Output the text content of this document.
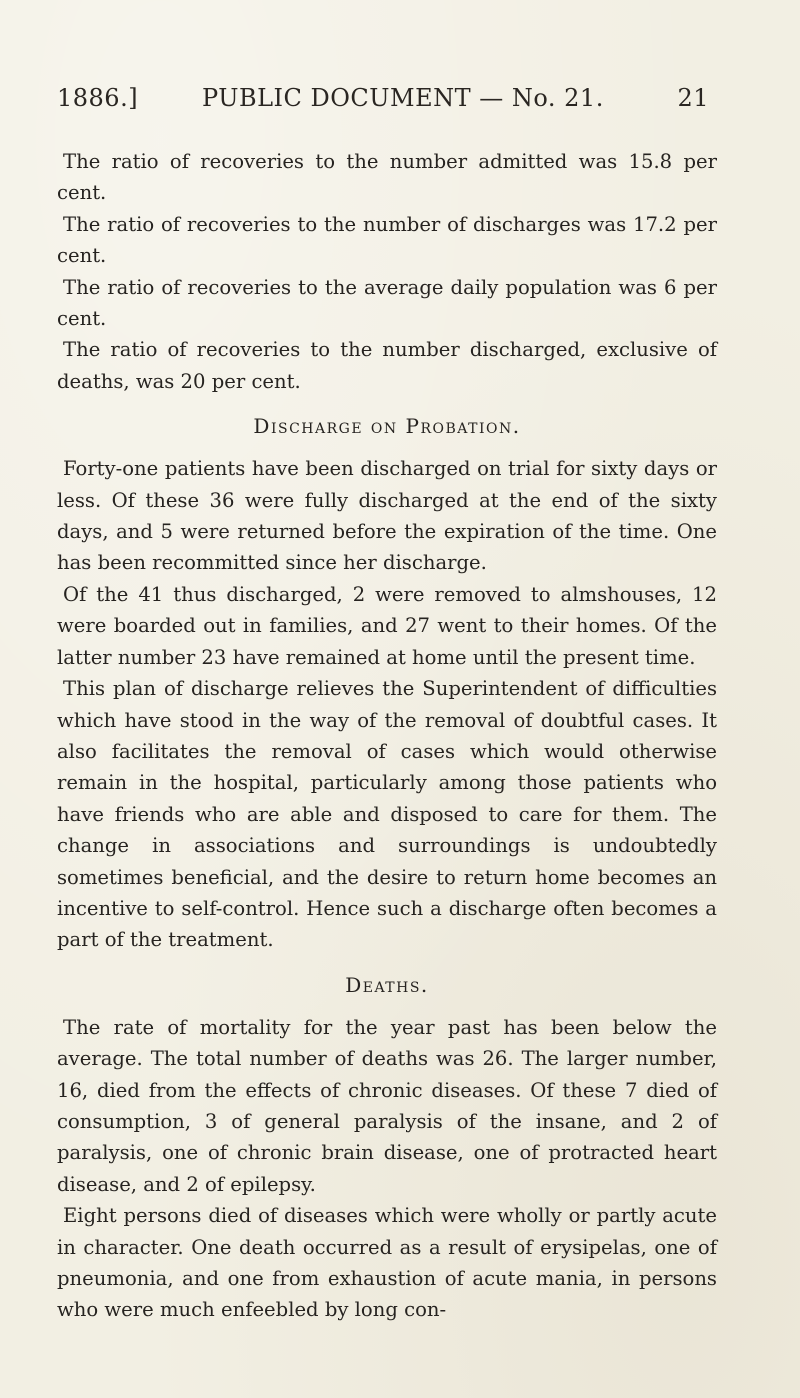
1886.]	PUBLIC DOCUMENT — No. 21.	21

The ratio of recoveries to the number admitted was 15.8 per cent.

The ratio of recoveries to the number of discharges was 17.2 per cent.

The ratio of recoveries to the average daily population was 6 per cent.

The ratio of recoveries to the number discharged, exclusive of deaths, was 20 per cent.

Discharge on Probation.

Forty-one patients have been discharged on trial for sixty days or less. Of these 36 were fully discharged at the end of the sixty days, and 5 were returned before the expiration of the time. One has been recommitted since her discharge.

Of the 41 thus discharged, 2 were removed to almshouses, 12 were boarded out in families, and 27 went to their homes. Of the latter number 23 have remained at home until the present time.

This plan of discharge relieves the Superintendent of difficulties which have stood in the way of the removal of doubtful cases. It also facilitates the removal of cases which would otherwise remain in the hospital, particularly among those patients who have friends who are able and disposed to care for them. The change in associations and surroundings is undoubtedly sometimes beneficial, and the desire to return home becomes an incentive to self-control. Hence such a discharge often becomes a part of the treatment.

Deaths.

The rate of mortality for the year past has been below the average. The total number of deaths was 26. The larger number, 16, died from the effects of chronic diseases. Of these 7 died of consumption, 3 of general paralysis of the insane, and 2 of paralysis, one of chronic brain disease, one of protracted heart disease, and 2 of epilepsy.

Eight persons died of diseases which were wholly or partly acute in character. One death occurred as a result of erysipelas, one of pneumonia, and one from exhaustion of acute mania, in persons who were much enfeebled by long con-
